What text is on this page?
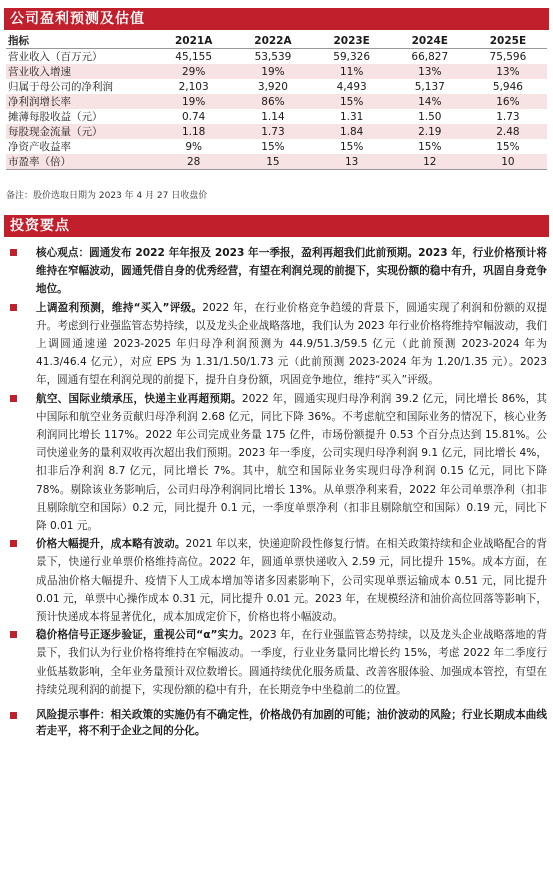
公司盈利预测及估值
指标	2021A	2022A	2023E	2024E	2025E
营业收入（百万元）	45,155	53,539	59,326	66,827	75,596
营业收入增速	29%	19%	11%	13%	13%
归属于母公司的净利润	2,103	3,920	4,493	5,137	5,946
净利润增长率	19%	86%	15%	14%	16%
摊薄每股收益（元）	0.74	1.14	1.31	1.50	1.73
每股现金流量（元）	1.18	1.73	1.84	2.19	2.48
净资产收益率	9%	15%	15%	15%	15%
市盈率（倍）	28	15	13	12	10
备注：股价选取日期为 2023 年 4 月 27 日收盘价
投资要点
核心观点：圆通发布 2022 年年报及 2023 年一季报，盈利再超我们此前预期。2023 年，行业价格预计将维持在窄幅波动，圆通凭借自身的优秀经营，有望在利润兑现的前提下，实现份额的稳中有升，巩固自身竞争地位。
上调盈利预测，维持“买入”评级。2022 年，在行业价格竞争趋缓的背景下，圆通实现了利润和份额的双提升。考虑到行业强监管态势持续，以及龙头企业战略落地，我们认为 2023 年行业价格将维持窄幅波动，我们上调圆通速递 2023-2025 年归母净利润预测为 44.9/51.3/59.5 亿元（此前预测 2023-2024 年为 41.3/46.4 亿元），对应 EPS 为 1.31/1.50/1.73 元（此前预测 2023-2024 年为 1.20/1.35 元）。2023 年，圆通有望在利润兑现的前提下，提升自身份额，巩固竞争地位，维持“买入”评级。
航空、国际业绩承压，快递主业再超预期。2022 年，圆通实现归母净利润 39.2 亿元，同比增长 86%，其中国际和航空业务贡献归母净利润 2.68 亿元，同比下降 36%。不考虑航空和国际业务的情况下，核心业务利润同比增长 117%。2022 年公司完成业务量 175 亿件，市场份额提升 0.53 个百分点达到 15.81%。公司快递业务的量利双收再次超出我们预期。2023 年一季度，公司实现归母净利润 9.1 亿元，同比增长 4%，扣非后净利润 8.7 亿元，同比增长 7%。其中，航空和国际业务实现归母净利润 0.15 亿元，同比下降 78%。剔除该业务影响后，公司归母净利润同比增长 13%。从单票净利来看，2022 年公司单票净利（扣非且剔除航空和国际）0.2 元，同比提升 0.1 元，一季度单票净利（扣非且剔除航空和国际）0.19 元，同比下降 0.01 元。
价格大幅提升，成本略有波动。2021 年以来，快递迎阶段性修复行情。在相关政策持续和企业战略配合的背景下，快递行业单票价格维持高位。2022 年，圆通单票快递收入 2.59 元，同比提升 15%。成本方面，在成品油价格大幅提升、疫情下人工成本增加等诸多因素影响下，公司实现单票运输成本 0.51 元，同比提升 0.01 元，单票中心操作成本 0.31 元，同比提升 0.01 元。2023 年，在规模经济和油价高位回落等影响下，预计快递成本将显著优化，成本加成定价下，价格也将小幅波动。
稳价格信号正逐步验证，重视公司“α”实力。2023 年，在行业强监管态势持续，以及龙头企业战略落地的背景下，我们认为行业价格将维持在窄幅波动。一季度，行业业务量同比增长约 15%，考虑 2022 年二季度行业低基数影响，全年业务量预计双位数增长。圆通持续优化服务质量、改善客服体验、加强成本管控，有望在持续兑现利润的前提下，实现份额的稳中有升，在长期竞争中坐稳前二的位置。
风险提示事件：相关政策的实施仍有不确定性，价格战仍有加剧的可能；油价波动的风险；行业长期成本曲线若走平，将不利于企业之间的分化。
